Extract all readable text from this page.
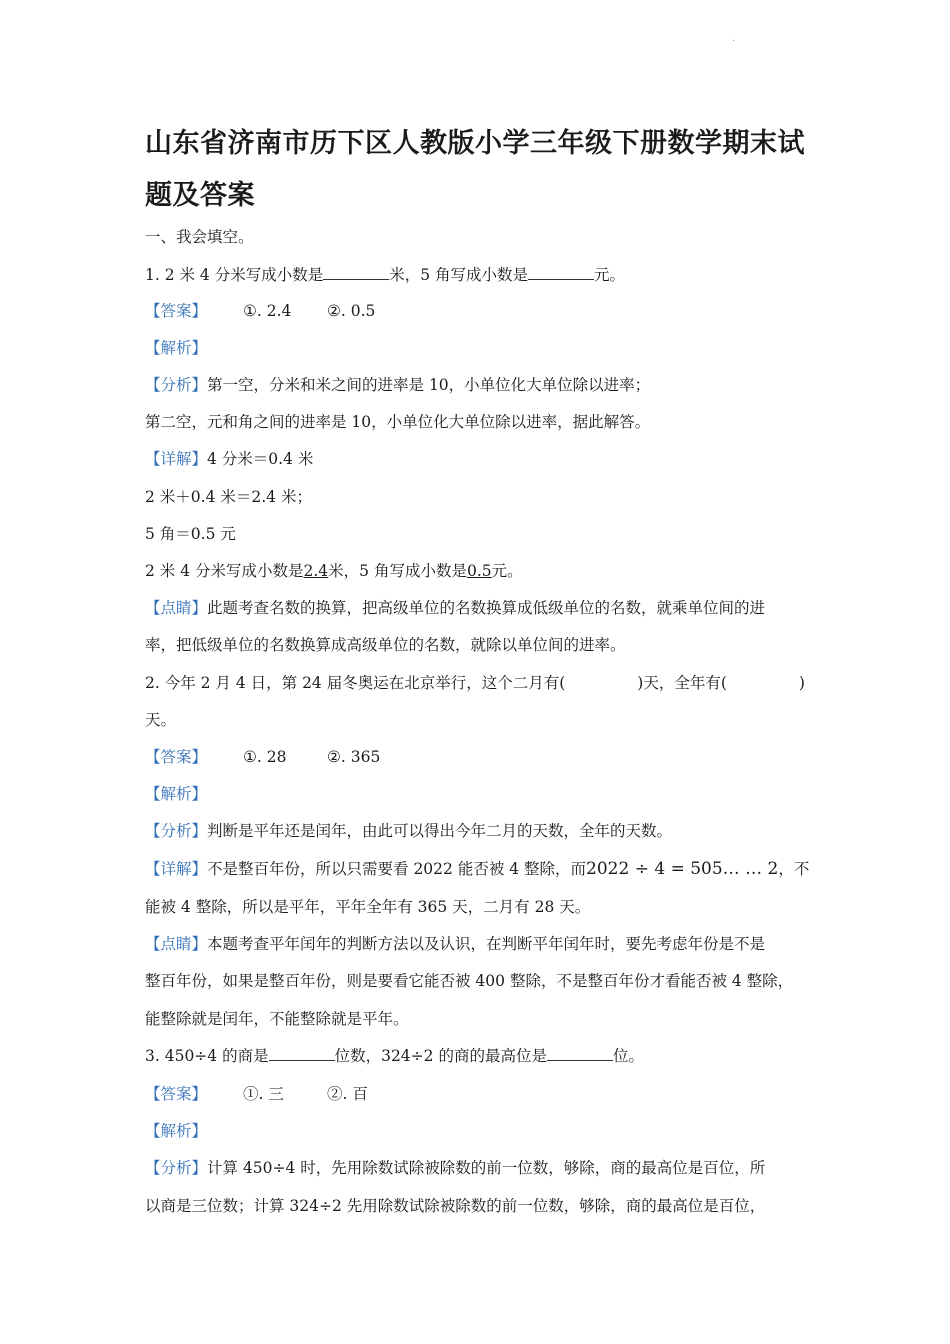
·
山东省济南市历下区人教版小学三年级下册数学期末试题及答案
一、我会填空。
1. 2 米 4 分米写成小数是	米，5 角写成小数是	元。
【答案】 ①. 2.4 ②. 0.5
【解析】
【分析】第一空，分米和米之间的进率是 10，小单位化大单位除以进率；
第二空，元和角之间的进率是 10，小单位化大单位除以进率，据此解答。
【详解】4 分米＝0.4 米
2 米＋0.4 米＝2.4 米；
5 角＝0.5 元
2 米 4 分米写成小数是2.4米，5 角写成小数是0.5元。
【点睛】此题考查名数的换算，把高级单位的名数换算成低级单位的名数，就乘单位间的进
率，把低级单位的名数换算成高级单位的名数，就除以单位间的进率。
2. 今年 2 月 4 日，第 24 届冬奥运在北京举行，这个二月有(	)天，全年有(	)
天。
【答案】 ①. 28	②. 365
【解析】
【分析】判断是平年还是闰年，由此可以得出今年二月的天数，全年的天数。
【详解】不是整百年份，所以只需要看 2022 能否被 4 整除，而2022 ÷ 4 = 505… … 2，不
能被 4 整除，所以是平年，平年全年有 365 天，二月有 28 天。
【点睛】本题考查平年闰年的判断方法以及认识，在判断平年闰年时，要先考虑年份是不是
整百年份，如果是整百年份，则是要看它能否被 400 整除，不是整百年份才看能否被 4 整除，
能整除就是闰年，不能整除就是平年。
3. 450÷4 的商是	位数，324÷2 的商的最高位是	位。
【答案】 ①. 三	②. 百
【解析】
【分析】计算 450÷4 时，先用除数试除被除数的前一位数，够除，商的最高位是百位，所
以商是三位数；计算 324÷2 先用除数试除被除数的前一位数，够除，商的最高位是百位，
